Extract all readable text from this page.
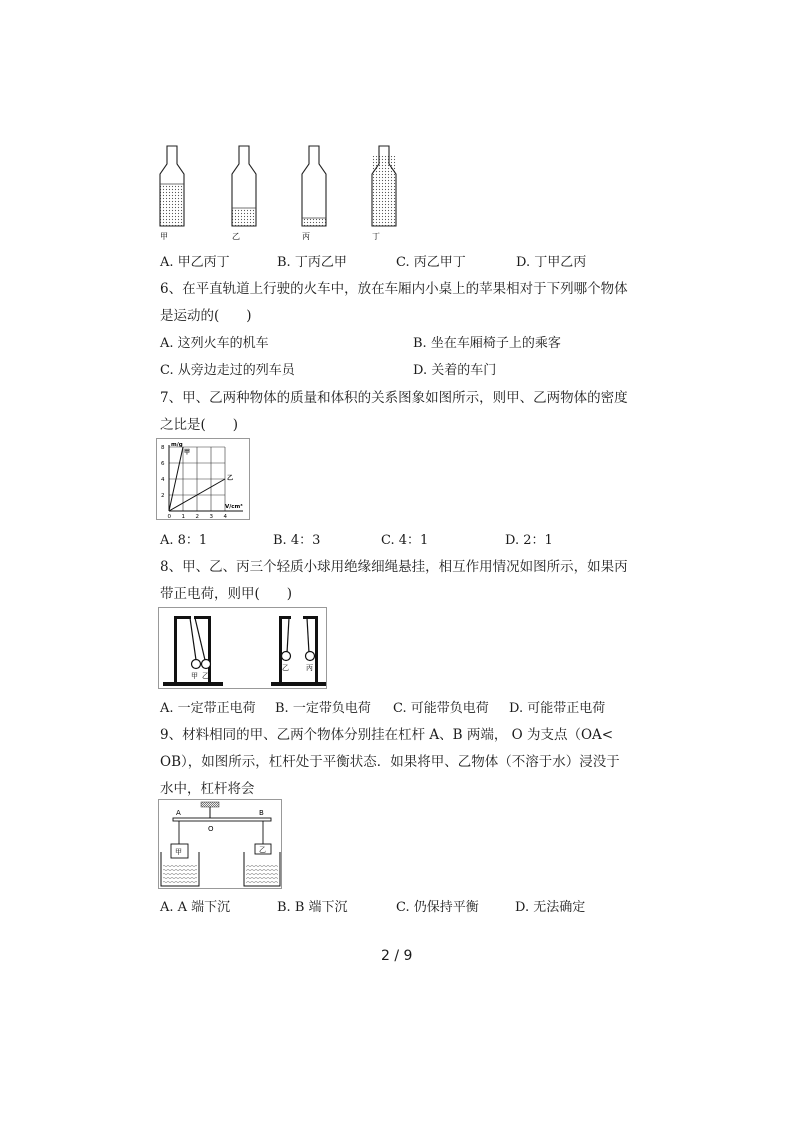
甲	乙	丙	丁
A. 甲乙丙丁	B. 丁丙乙甲	C. 丙乙甲丁	D. 丁甲乙丙
6、在平直轨道上行驶的火车中，放在车厢内小桌上的苹果相对于下列哪个物体
是运动的(　　)
A. 这列火车的机车	B. 坐在车厢椅子上的乘客
C. 从旁边走过的列车员	D. 关着的车门
7、甲、乙两种物体的质量和体积的关系图象如图所示，则甲、乙两物体的密度
之比是(　　)
0 1 2 3 4
2
4
6
8
甲
乙
m/g
V/cm³
A. 8：1	B. 4：3	C. 4：1	D. 2：1
8、甲、乙、丙三个轻质小球用绝缘细绳悬挂，相互作用情况如图所示，如果丙
带正电荷，则甲(　　)
甲 乙
乙 丙
A. 一定带正电荷 B. 一定带负电荷 C. 可能带负电荷 D. 可能带正电荷
9、材料相同的甲、乙两个物体分别挂在杠杆 A、B 两端， O 为支点（OA<
OB），如图所示，杠杆处于平衡状态．如果将甲、乙物体（不溶于水）浸没于
水中，杠杆将会
A	B
O
甲	乙
A. A 端下沉	B. B 端下沉	C. 仍保持平衡	D. 无法确定
2 / 9
